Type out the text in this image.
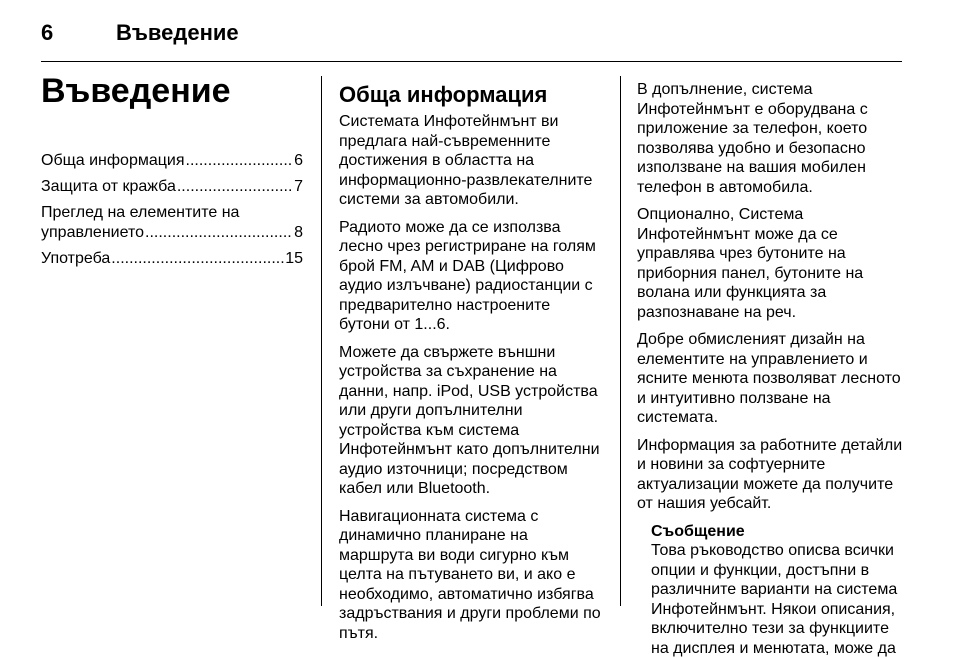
6	Въведение
Въведение
Обща информация .....	6
Защита от кражба .....	7
Преглед на елементите на
управлението .....	8
Употреба .....	15
Обща информация

Системата Инфотейнмънт ви
предлага най-съвременните
достижения в областта на
информационно-развлекателните
системи за автомобили.

Радиото може да се използва
лесно чрез регистриране на голям
брой FM, AM и DAB (Цифрово
аудио излъчване) радиостанции с
предварително настроените
бутони от 1...6.

Можете да свържете външни
устройства за съхранение на
данни, напр. iPod, USB устройства
или други допълнителни
устройства към система
Инфотейнмънт като допълнителни
аудио източници; посредством
кабел или Bluetooth.

Навигационната система с
динамично планиране на
маршрута ви води сигурно към
целта на пътуването ви, и ако е
необходимо, автоматично избягва
задръствания и други проблеми по
пътя.

В допълнение, система
Инфотейнмънт е оборудвана с
приложение за телефон, което
позволява удобно и безопасно
използване на вашия мобилен
телефон в автомобила.

Опционално, Система
Инфотейнмънт може да се
управлява чрез бутоните на
приборния панел, бутоните на
волана или функцията за
разпознаване на реч.

Добре обмисленият дизайн на
елементите на управлението и
ясните менюта позволяват лесното
и интуитивно ползване на
системата.

Информация за работните детайли
и новини за софтуерните
актуализации можете да получите
от нашия уебсайт.

Съобщение
Това ръководство описва всички
опции и функции, достъпни в
различните варианти на система
Инфотейнмънт. Някои описания,
включително тези за функциите
на дисплея и менютата, може да
